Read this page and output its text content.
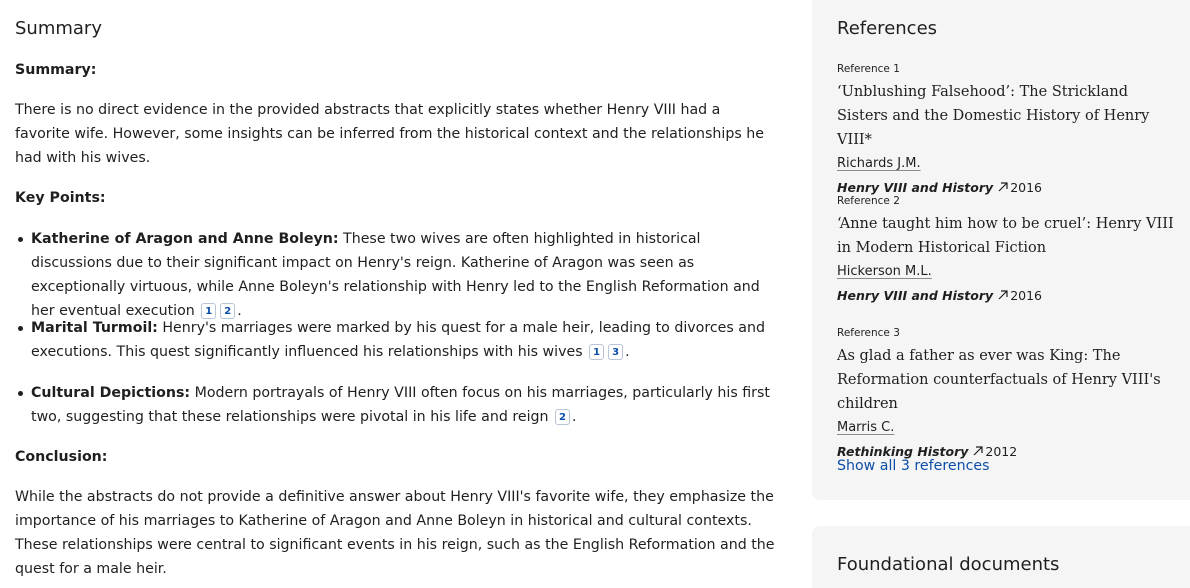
Summary

Summary:

There is no direct evidence in the provided abstracts that explicitly states whether Henry VIII had a favorite wife. However, some insights can be inferred from the historical context and the relationships he had with his wives.

Key Points:

Katherine of Aragon and Anne Boleyn: These two wives are often highlighted in historical discussions due to their significant impact on Henry's reign. Katherine of Aragon was seen as exceptionally virtuous, while Anne Boleyn's relationship with Henry led to the English Reformation and her eventual execution 1 2 .
Marital Turmoil: Henry's marriages were marked by his quest for a male heir, leading to divorces and executions. This quest significantly influenced his relationships with his wives 1 3 .
Cultural Depictions: Modern portrayals of Henry VIII often focus on his marriages, particularly his first two, suggesting that these relationships were pivotal in his life and reign 2 .

Conclusion:

While the abstracts do not provide a definitive answer about Henry VIII's favorite wife, they emphasize the importance of his marriages to Katherine of Aragon and Anne Boleyn in historical and cultural contexts. These relationships were central to significant events in his reign, such as the English Reformation and the quest for a male heir.

References
Reference 1
‘Unblushing Falsehood’: The Strickland Sisters and the Domestic History of Henry VIII*
Richards J.M.
Henry VIII and History 2016
Reference 2
‘Anne taught him how to be cruel’: Henry VIII in Modern Historical Fiction
Hickerson M.L.
Henry VIII and History 2016
Reference 3
As glad a father as ever was King: The Reformation counterfactuals of Henry VIII's children
Marris C.
Rethinking History 2012
Show all 3 references
Foundational documents
